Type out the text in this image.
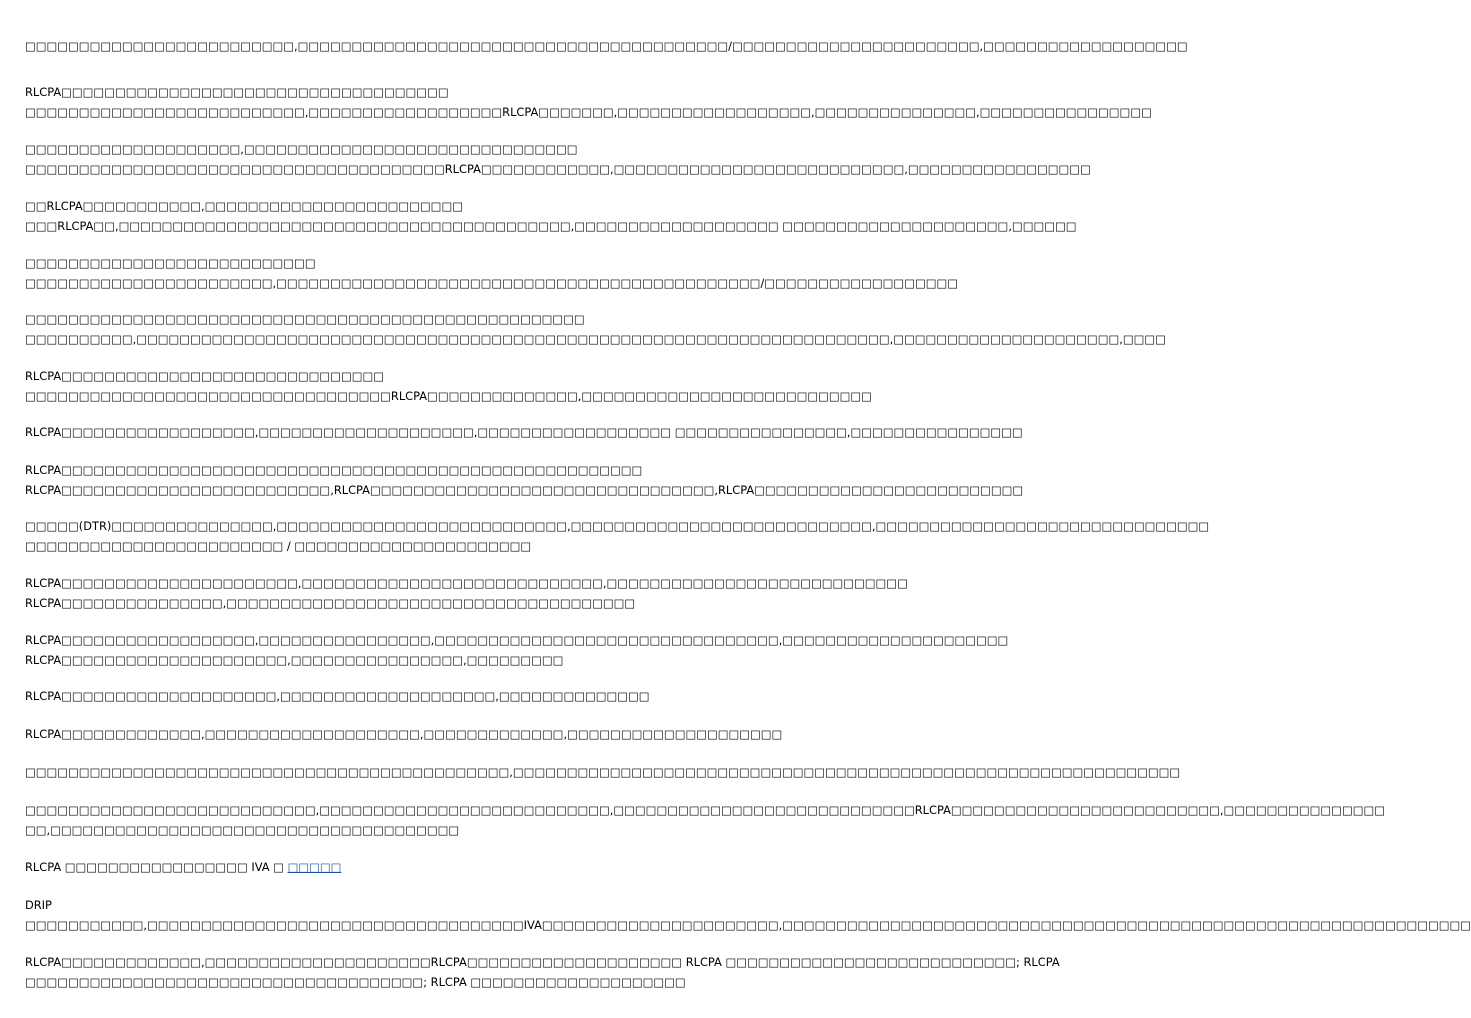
□□□□□□□□□□□□□□□□□□□□□□□□□,□□□□□□□□□□□□□□□□□□□□□□□□□□□□□□□□□□□□□□□□/□□□□□□□□□□□□□□□□□□□□□□□,□□□□□□□□□□□□□□□□□□□
RLCPA□□□□□□□□□□□□□□□□□□□□□□□□□□□□□□□□□□□□
□□□□□□□□□□□□□□□□□□□□□□□□□□,□□□□□□□□□□□□□□□□□□RLCPA□□□□□□□,□□□□□□□□□□□□□□□□□□,□□□□□□□□□□□□□□□,□□□□□□□□□□□□□□□□
□□□□□□□□□□□□□□□□□□□□,□□□□□□□□□□□□□□□□□□□□□□□□□□□□□□□
□□□□□□□□□□□□□□□□□□□□□□□□□□□□□□□□□□□□□□□RLCPA□□□□□□□□□□□□,□□□□□□□□□□□□□□□□□□□□□□□□□□□,□□□□□□□□□□□□□□□□□
□□RLCPA□□□□□□□□□□□,□□□□□□□□□□□□□□□□□□□□□□□□
□□□RLCPA□□,□□□□□□□□□□□□□□□□□□□□□□□□□□□□□□□□□□□□□□□□□□,□□□□□□□□□□□□□□□□□□□ □□□□□□□□□□□□□□□□□□□□□,□□□□□□
□□□□□□□□□□□□□□□□□□□□□□□□□□□
□□□□□□□□□□□□□□□□□□□□□□□,□□□□□□□□□□□□□□□□□□□□□□□□□□□□□□□□□□□□□□□□□□□□□/□□□□□□□□□□□□□□□□□□
□□□□□□□□□□□□□□□□□□□□□□□□□□□□□□□□□□□□□□□□□□□□□□□□□□□□
□□□□□□□□□□,□□□□□□□□□□□□□□□□□□□□□□□□□□□□□□□□□□□□□□□□□□□□□□□□□□□□□□□□□□□□□□□□□□□□□□,□□□□□□□□□□□□□□□□□□□□□,□□□□
RLCPA□□□□□□□□□□□□□□□□□□□□□□□□□□□□□□
□□□□□□□□□□□□□□□□□□□□□□□□□□□□□□□□□□RLCPA□□□□□□□□□□□□□□,□□□□□□□□□□□□□□□□□□□□□□□□□□□
RLCPA□□□□□□□□□□□□□□□□□□,□□□□□□□□□□□□□□□□□□□□,□□□□□□□□□□□□□□□□□□ □□□□□□□□□□□□□□□□,□□□□□□□□□□□□□□□□
RLCPA□□□□□□□□□□□□□□□□□□□□□□□□□□□□□□□□□□□□□□□□□□□□□□□□□□□□□□
RLCPA□□□□□□□□□□□□□□□□□□□□□□□□□,RLCPA□□□□□□□□□□□□□□□□□□□□□□□□□□□□□□□□,RLCPA□□□□□□□□□□□□□□□□□□□□□□□□□
□□□□□(DTR)□□□□□□□□□□□□□□□,□□□□□□□□□□□□□□□□□□□□□□□□□□□,□□□□□□□□□□□□□□□□□□□□□□□□□□□□,□□□□□□□□□□□□□□□□□□□□□□□□□□□□□□□
□□□□□□□□□□□□□□□□□□□□□□□□ / □□□□□□□□□□□□□□□□□□□□□□
RLCPA□□□□□□□□□□□□□□□□□□□□□□,□□□□□□□□□□□□□□□□□□□□□□□□□□□□,□□□□□□□□□□□□□□□□□□□□□□□□□□□□
RLCPA□□□□□□□□□□□□□□□,□□□□□□□□□□□□□□□□□□□□□□□□□□□□□□□□□□□□□□
RLCPA□□□□□□□□□□□□□□□□□□,□□□□□□□□□□□□□□□□,□□□□□□□□□□□□□□□□□□□□□□□□□□□□□□□□,□□□□□□□□□□□□□□□□□□□□□
RLCPA□□□□□□□□□□□□□□□□□□□□□,□□□□□□□□□□□□□□□□,□□□□□□□□□
RLCPA□□□□□□□□□□□□□□□□□□□□,□□□□□□□□□□□□□□□□□□□□,□□□□□□□□□□□□□□
RLCPA□□□□□□□□□□□□□,□□□□□□□□□□□□□□□□□□□□,□□□□□□□□□□□□□,□□□□□□□□□□□□□□□□□□□□
□□□□□□□□□□□□□□□□□□□□□□□□□□□□□□□□□□□□□□□□□□□□□,□□□□□□□□□□□□□□□□□□□□□□□□□□□□□□□□□□□□□□□□□□□□□□□□□□□□□□□□□□□□□□
□□□□□□□□□□□□□□□□□□□□□□□□□□□,□□□□□□□□□□□□□□□□□□□□□□□□□□□,□□□□□□□□□□□□□□□□□□□□□□□□□□□□RLCPA□□□□□□□□□□□□□□□□□□□□□□□□□,□□□□□□□□□□□□□□□
□□,□□□□□□□□□□□□□□□□□□□□□□□□□□□□□□□□□□□□□□
RLCPA □□□□□□□□□□□□□□□□□ IVA □ □□□□□
DRIP
□□□□□□□□□□□,□□□□□□□□□□□□□□□□□□□□□□□□□□□□□□□□□□□IVA□□□□□□□□□□□□□□□□□□□□□□,□□□□□□□□□□□□□□□□□□□□□□□□□□□□□□□□□□□□□□□□□□□□□□□□□□□□□□□□□□□□□□□□
RLCPA□□□□□□□□□□□□□,□□□□□□□□□□□□□□□□□□□□□RLCPA□□□□□□□□□□□□□□□□□□□□ RLCPA □□□□□□□□□□□□□□□□□□□□□□□□□□□; RLCPA
□□□□□□□□□□□□□□□□□□□□□□□□□□□□□□□□□□□□□; RLCPA □□□□□□□□□□□□□□□□□□□□
